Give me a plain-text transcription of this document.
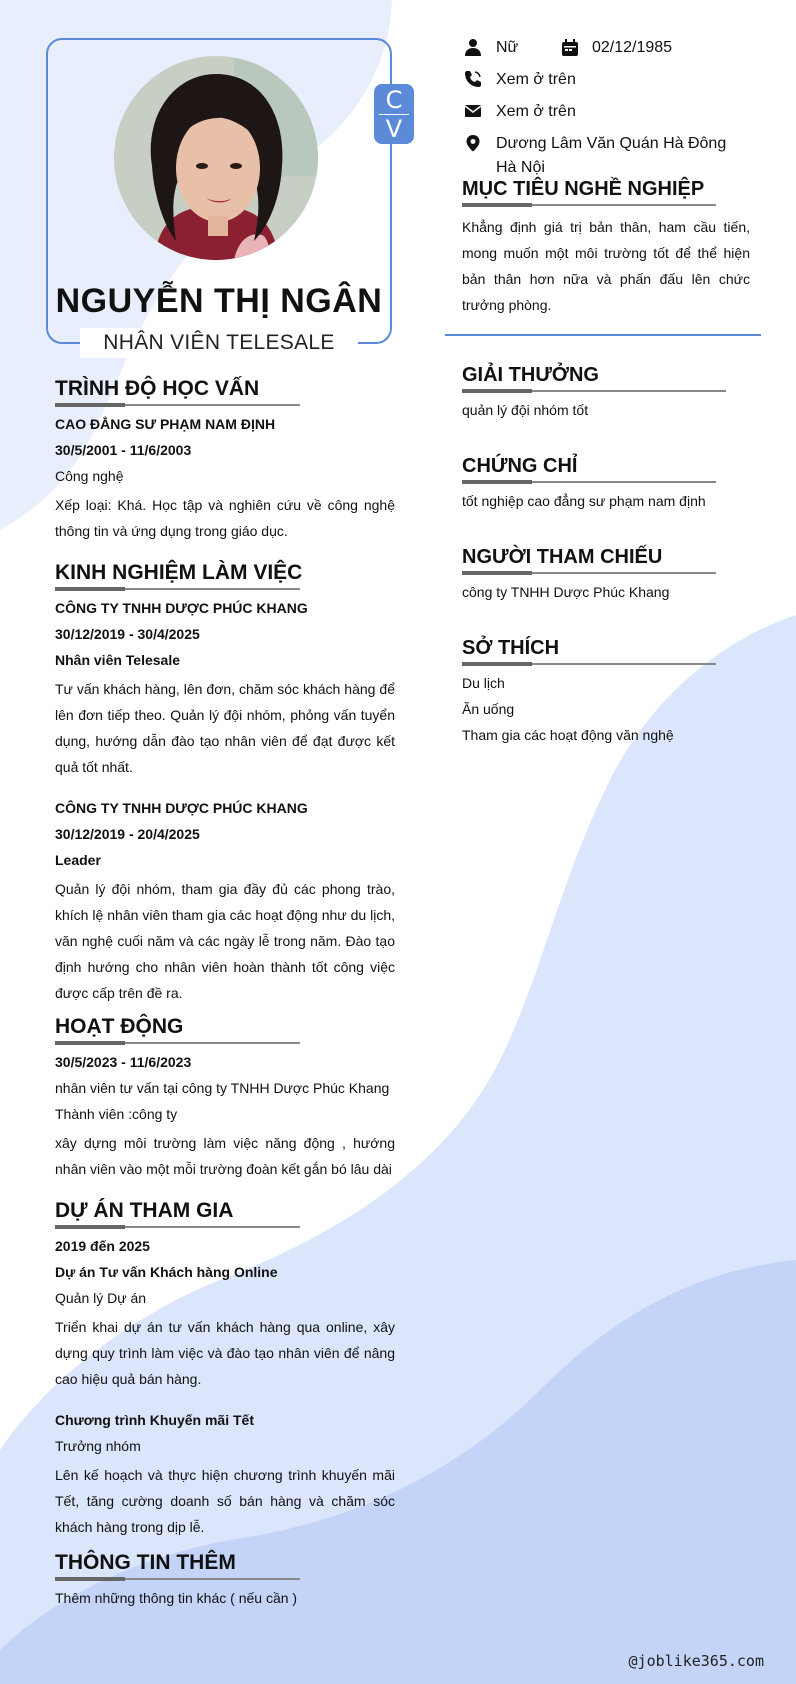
C
V
NGUYỄN THỊ NGÂN
NHÂN VIÊN TELESALE
Nữ	02/12/1985
Xem ở trên
Xem ở trên
Dương Lâm Văn Quán Hà Đông
Hà Nội
TRÌNH ĐỘ HỌC VẤN

CAO ĐẲNG SƯ PHẠM NAM ĐỊNH

30/5/2001 - 11/6/2003

Công nghệ

Xếp loại: Khá. Học tập và nghiên cứu về công nghệ thông tin và ứng dụng trong giáo dục.

KINH NGHIỆM LÀM VIỆC

CÔNG TY TNHH DƯỢC PHÚC KHANG

30/12/2019 - 30/4/2025

Nhân viên Telesale

Tư vấn khách hàng, lên đơn, chăm sóc khách hàng để lên đơn tiếp theo. Quản lý đội nhóm, phỏng vấn tuyển dụng, hướng dẫn đào tạo nhân viên để đạt được kết quả tốt nhất.

CÔNG TY TNHH DƯỢC PHÚC KHANG

30/12/2019 - 20/4/2025

Leader

Quản lý đội nhóm, tham gia đầy đủ các phong trào, khích lệ nhân viên tham gia các hoạt động như du lịch, văn nghệ cuối năm và các ngày lễ trong năm. Đào tạo định hướng cho nhân viên hoàn thành tốt công việc được cấp trên đề ra.

HOẠT ĐỘNG

30/5/2023 - 11/6/2023

nhân viên tư vấn tại công ty TNHH Dược Phúc Khang

Thành viên :công ty

xây dựng môi trường làm việc năng động , hướng nhân viên vào một mỗi trường đoàn kết gắn bó lâu dài

DỰ ÁN THAM GIA

2019 đến 2025

Dự án Tư vấn Khách hàng Online

Quản lý Dự án

Triển khai dự án tư vấn khách hàng qua online, xây dựng quy trình làm việc và đào tạo nhân viên để nâng cao hiệu quả bán hàng.

Chương trình Khuyến mãi Tết

Trưởng nhóm

Lên kế hoạch và thực hiện chương trình khuyến mãi Tết, tăng cường doanh số bán hàng và chăm sóc khách hàng trong dịp lễ.

THÔNG TIN THÊM

Thêm những thông tin khác ( nếu cần )

MỤC TIÊU NGHỀ NGHIỆP

Khẳng định giá trị bản thân, ham cầu tiến, mong muốn một môi trường tốt để thể hiện bản thân hơn nữa và phấn đấu lên chức trưởng phòng.

GIẢI THƯỞNG

quản lý đội nhóm tốt

CHỨNG CHỈ

tốt nghiệp cao đẳng sư phạm nam định

NGƯỜI THAM CHIẾU

công ty TNHH Dược Phúc Khang

SỞ THÍCH

Du lịch

Ăn uống

Tham gia các hoạt động văn nghệ

@joblike365.com
